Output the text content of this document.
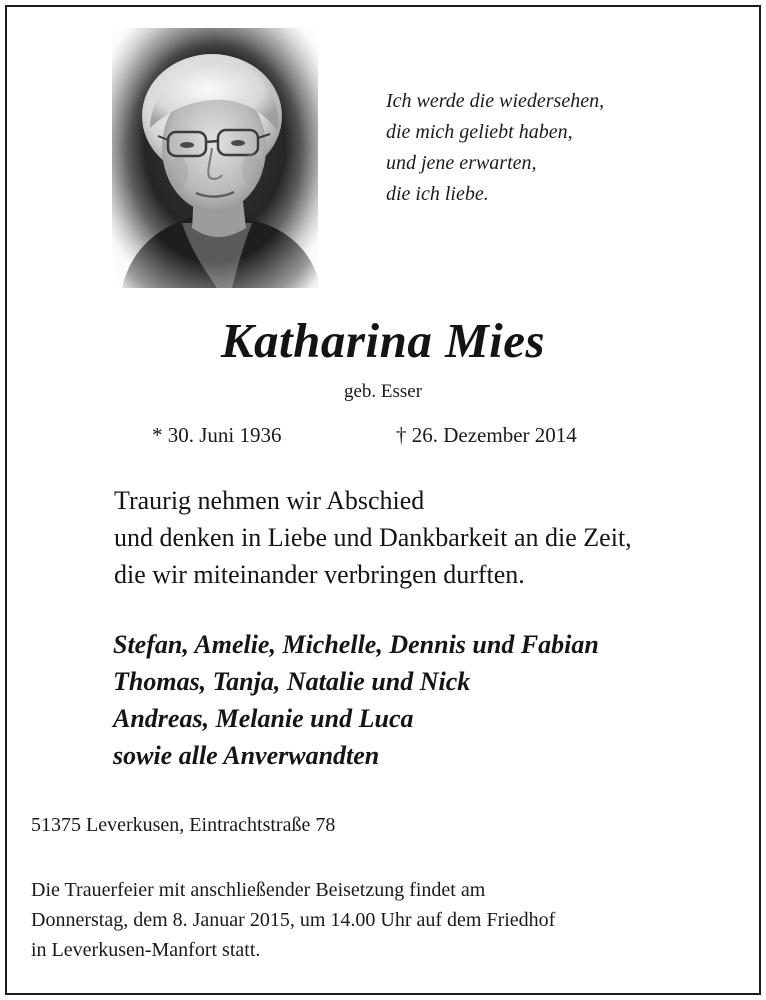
Ich werde die wiedersehen,
die mich geliebt haben,
und jene erwarten,
die ich liebe.
Katharina Mies
geb. Esser
* 30. Juni 1936	† 26. Dezember 2014
Traurig nehmen wir Abschied
und denken in Liebe und Dankbarkeit an die Zeit,
die wir miteinander verbringen durften.
Stefan, Amelie, Michelle, Dennis und Fabian
Thomas, Tanja, Natalie und Nick
Andreas, Melanie und Luca
sowie alle Anverwandten
51375 Leverkusen, Eintrachtstraße 78
Die Trauerfeier mit anschließender Beisetzung findet am
Donnerstag, dem 8. Januar 2015, um 14.00 Uhr auf dem Friedhof
in Leverkusen-Manfort statt.
